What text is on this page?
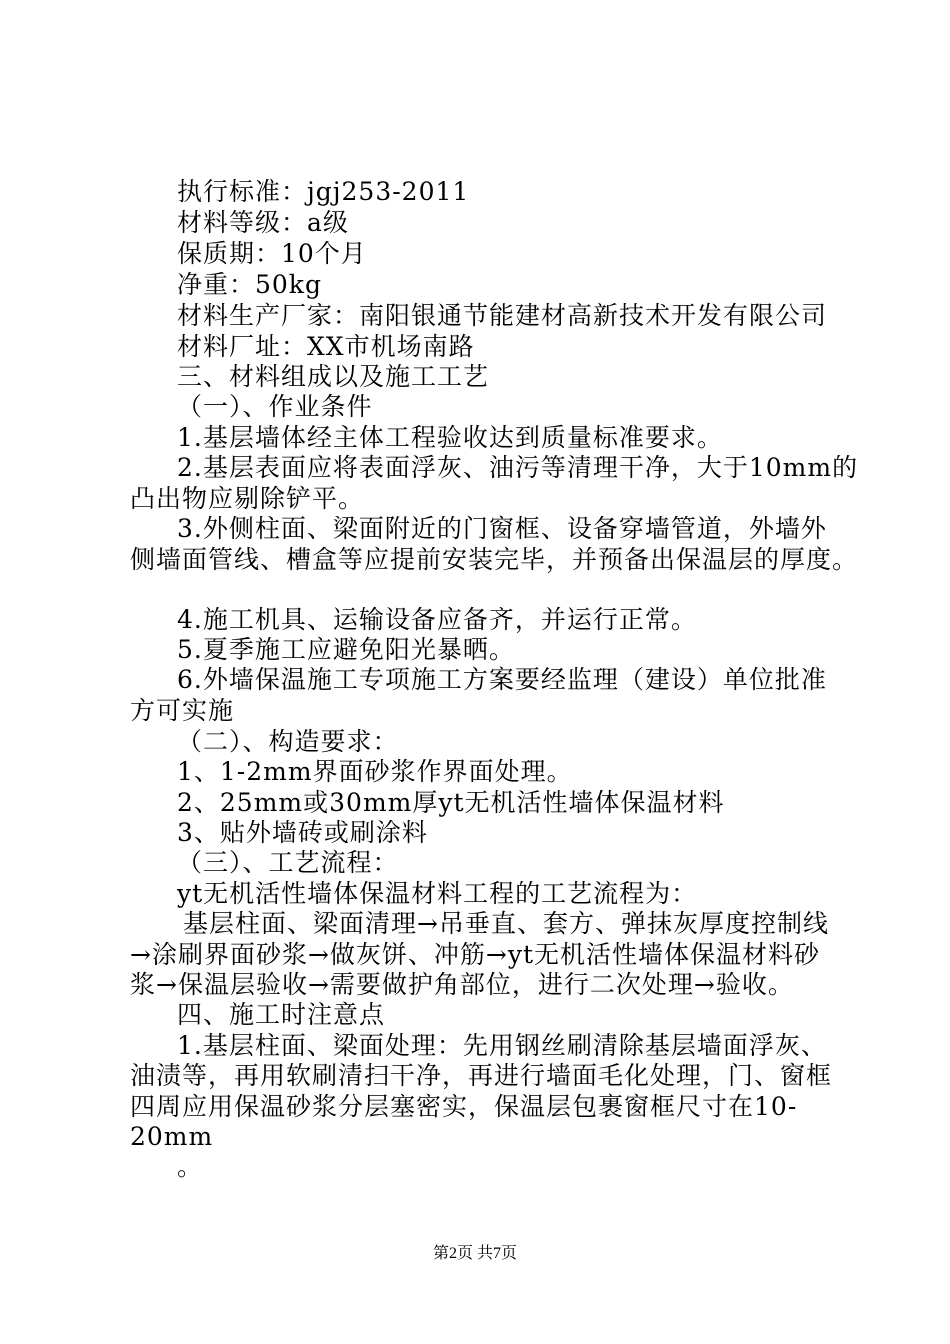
执行标准：jgj253-2011
材料等级：a级
保质期：10个月
净重：50kg
材料生产厂家：南阳银通节能建材高新技术开发有限公司
材料厂址：XX市机场南路
三、材料组成以及施工工艺
（一）、作业条件
1.基层墙体经主体工程验收达到质量标准要求。
2.基层表面应将表面浮灰、油污等清理干净，大于10mm的
凸出物应剔除铲平。
3.外侧柱面、梁面附近的门窗框、设备穿墙管道，外墙外
侧墙面管线、槽盒等应提前安装完毕，并预备出保温层的厚度。
4.施工机具、运输设备应备齐，并运行正常。
5.夏季施工应避免阳光暴晒。
6.外墙保温施工专项施工方案要经监理（建设）单位批准
方可实施
（二）、构造要求：
1、1-2mm界面砂浆作界面处理。
2、25mm或30mm厚yt无机活性墙体保温材料
3、贴外墙砖或刷涂料
（三）、工艺流程：
yt无机活性墙体保温材料工程的工艺流程为：
基层柱面、梁面清理→吊垂直、套方、弹抹灰厚度控制线
→涂刷界面砂浆→做灰饼、冲筋→yt无机活性墙体保温材料砂
浆→保温层验收→需要做护角部位，进行二次处理→验收。
四、施工时注意点
1.基层柱面、梁面处理：先用钢丝刷清除基层墙面浮灰、
油渍等，再用软刷清扫干净，再进行墙面毛化处理，门、窗框
四周应用保温砂浆分层塞密实，保温层包裹窗框尺寸在10-
20mm
。
第2页 共7页
